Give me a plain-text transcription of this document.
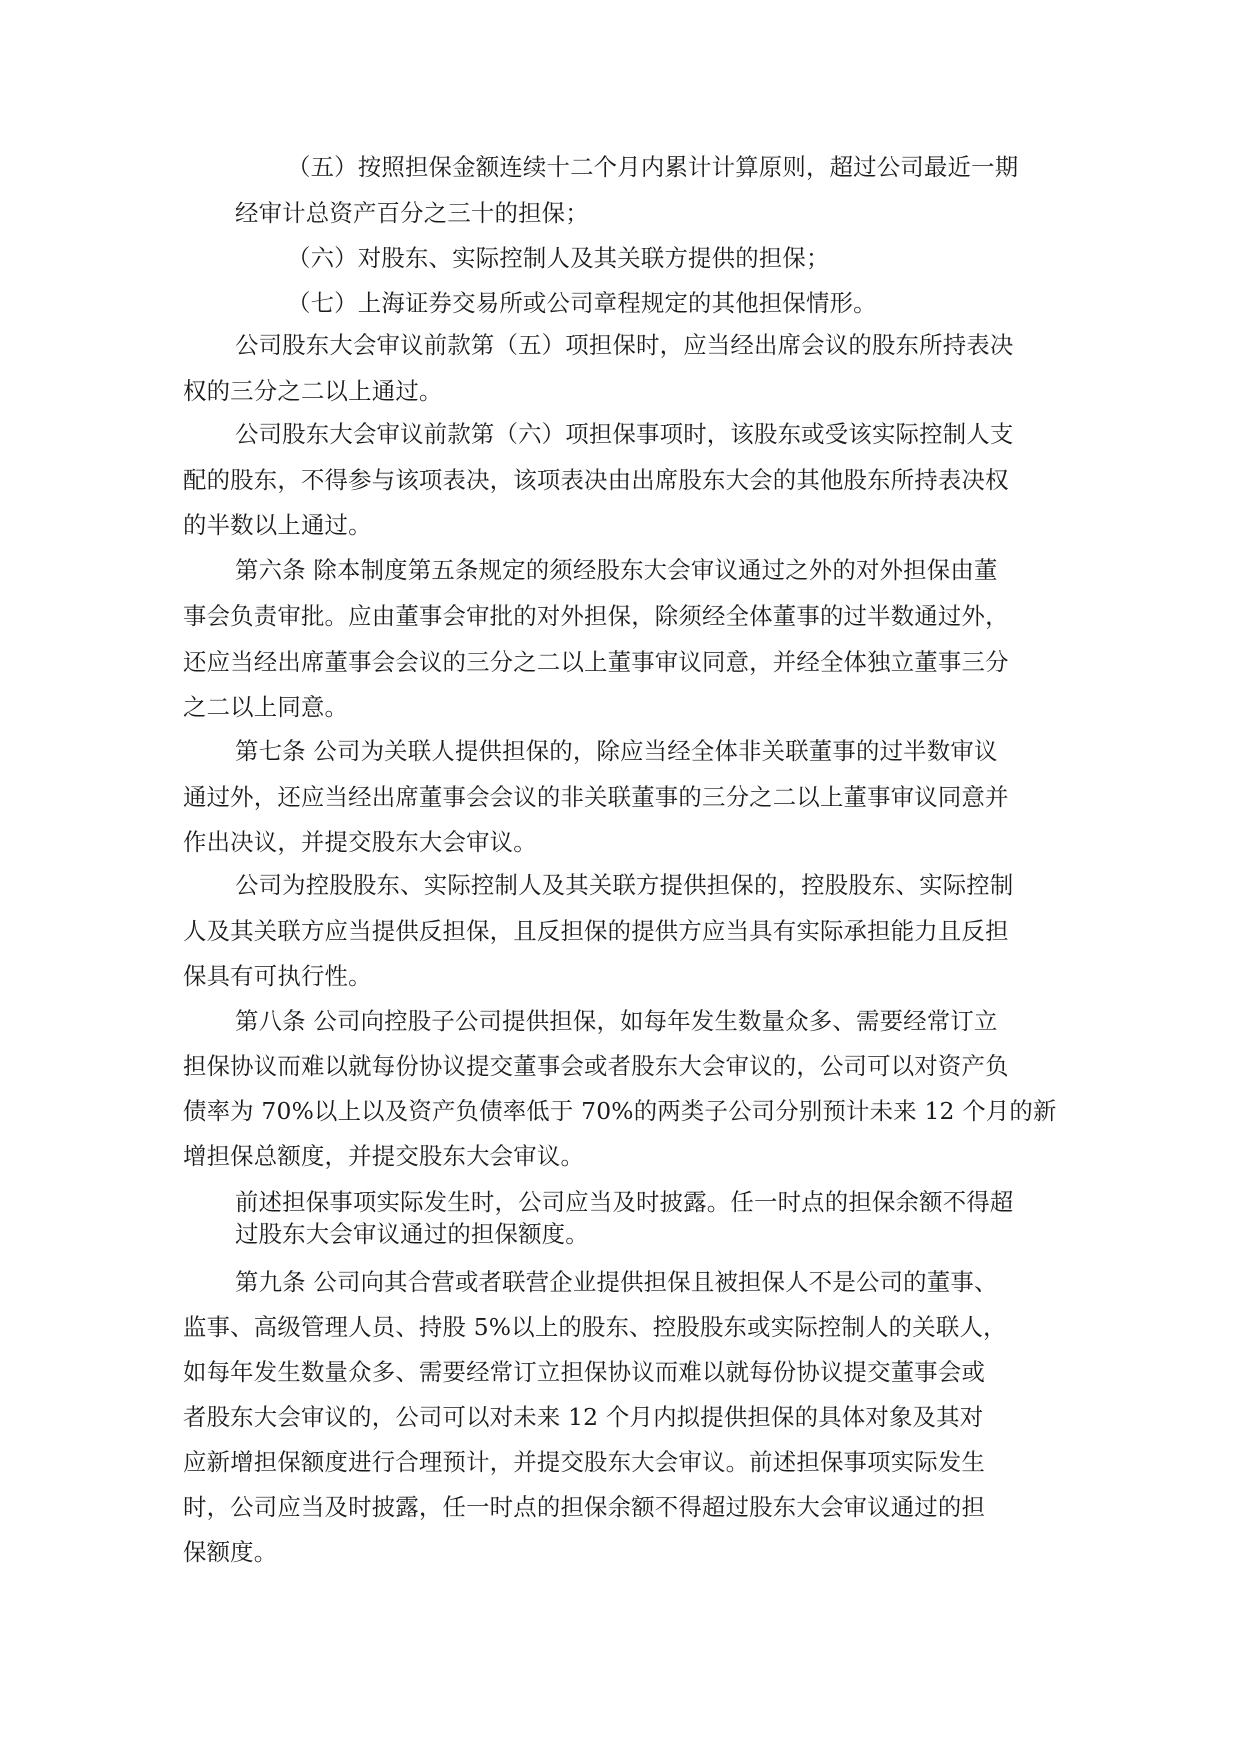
（五）按照担保金额连续十二个月内累计计算原则，超过公司最近一期
经审计总资产百分之三十的担保；
（六）对股东、实际控制人及其关联方提供的担保；
（七）上海证券交易所或公司章程规定的其他担保情形。
公司股东大会审议前款第（五）项担保时，应当经出席会议的股东所持表决
权的三分之二以上通过。
公司股东大会审议前款第（六）项担保事项时，该股东或受该实际控制人支
配的股东，不得参与该项表决，该项表决由出席股东大会的其他股东所持表决权
的半数以上通过。
第六条 除本制度第五条规定的须经股东大会审议通过之外的对外担保由董
事会负责审批。应由董事会审批的对外担保，除须经全体董事的过半数通过外，
还应当经出席董事会会议的三分之二以上董事审议同意，并经全体独立董事三分
之二以上同意。
第七条 公司为关联人提供担保的，除应当经全体非关联董事的过半数审议
通过外，还应当经出席董事会会议的非关联董事的三分之二以上董事审议同意并
作出决议，并提交股东大会审议。
公司为控股股东、实际控制人及其关联方提供担保的，控股股东、实际控制
人及其关联方应当提供反担保，且反担保的提供方应当具有实际承担能力且反担
保具有可执行性。
第八条 公司向控股子公司提供担保，如每年发生数量众多、需要经常订立
担保协议而难以就每份协议提交董事会或者股东大会审议的，公司可以对资产负
债率为 70%以上以及资产负债率低于 70%的两类子公司分别预计未来 12 个月的新
增担保总额度，并提交股东大会审议。
前述担保事项实际发生时，公司应当及时披露。任一时点的担保余额不得超
过股东大会审议通过的担保额度。
第九条 公司向其合营或者联营企业提供担保且被担保人不是公司的董事、
监事、高级管理人员、持股 5%以上的股东、控股股东或实际控制人的关联人，
如每年发生数量众多、需要经常订立担保协议而难以就每份协议提交董事会或
者股东大会审议的，公司可以对未来 12 个月内拟提供担保的具体对象及其对
应新增担保额度进行合理预计，并提交股东大会审议。前述担保事项实际发生
时，公司应当及时披露，任一时点的担保余额不得超过股东大会审议通过的担
保额度。
